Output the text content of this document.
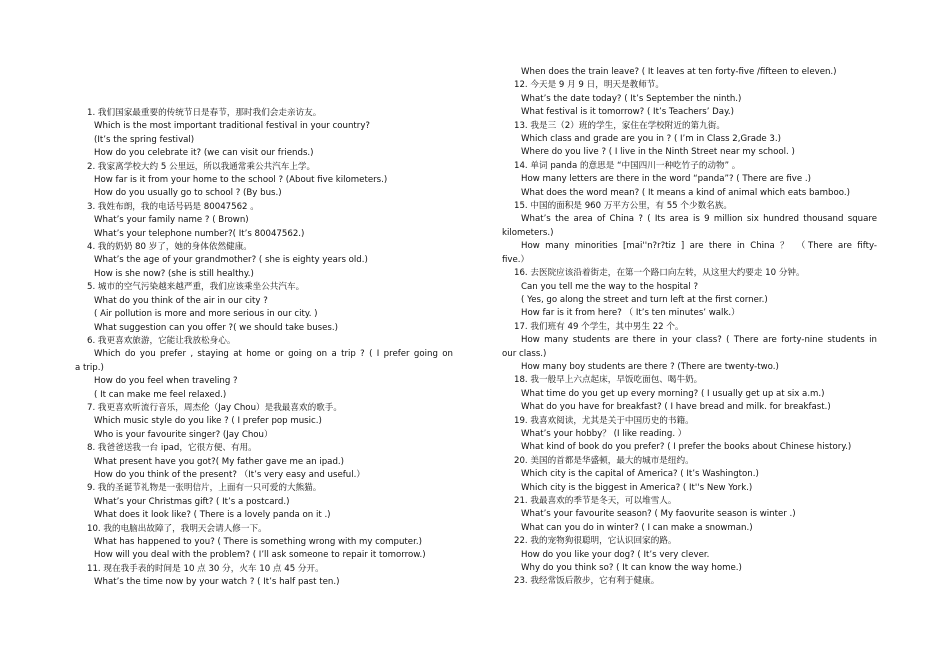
1. 我们国家最重要的传统节日是春节，那时我们会走亲访友。
Which is the most important traditional festival in your country?
(It’s the spring festival)
How do you celebrate it? (we can visit our friends.)
2. 我家离学校大约 5 公里远，所以我通常乘公共汽车上学。
How far is it from your home to the school ? (About five kilometers.)
How do you usually go to school ? (By bus.)
3. 我姓布朗，我的电话号码是 80047562 。
What’s your family name ? ( Brown)
What’s your telephone number?( It’s 80047562.)
4. 我的奶奶 80 岁了，她的身体依然健康。
What’s the age of your grandmother? ( she is eighty years old.)
How is she now? (she is still healthy.)
5. 城市的空气污染越来越严重，我们应该乘坐公共汽车。
What do you think of the air in our city ?
( Air pollution is more and more serious in our city. )
What suggestion can you offer ?( we should take buses.)
6. 我更喜欢旅游，它能让我放松身心。
Which do you prefer , staying at home or going on a trip ? ( I prefer going on
a trip.)
How do you feel when traveling ?
( It can make me feel relaxed.)
7. 我更喜欢听流行音乐，周杰伦（Jay Chou）是我最喜欢的歌手。
Which music style do you like ? ( I prefer pop music.)
Who is your favourite singer? (Jay Chou）
8. 我爸爸送我一台 ipad，它很方便、有用。
What present have you got?( My father gave me an ipad.)
How do you think of the present? （It’s very easy and useful.）
9. 我的圣诞节礼物是一张明信片，上面有一只可爱的大熊猫。
What’s your Christmas gift? ( It’s a postcard.)
What does it look like? ( There is a lovely panda on it .)
10. 我的电脑出故障了，我明天会请人修一下。
What has happened to you? ( There is something wrong with my computer.)
How will you deal with the problem? ( I’ll ask someone to repair it tomorrow.)
11. 现在我手表的时间是 10 点 30 分，火车 10 点 45 分开。
What’s the time now by your watch ? ( It’s half past ten.)
When does the train leave? ( It leaves at ten forty-five /fifteen to eleven.)
12. 今天是 9 月 9 日，明天是教师节。
What’s the date today? ( It’s September the ninth.)
What festival is it tomorrow? ( It’s Teachers’ Day.)
13. 我是三（2）班的学生，家住在学校附近的第九街。
Which class and grade are you in ? ( I’m in Class 2,Grade 3.)
Where do you live ? ( I live in the Ninth Street near my school. )
14. 单词 panda 的意思是 “中国四川一种吃竹子的动物” 。
How many letters are there in the word “panda”? ( There are five .)
What does the word mean? ( It means a kind of animal which eats bamboo.)
15. 中国的面积是 960 万平方公里，有 55 个少数名族。
What’s the area of China ? ( Its area is 9 million six hundred thousand square
kilometers.)
How many minorities [mai''n?r?tiz ] are there in China ？ （There are fifty-
five.）
16. 去医院应该沿着街走，在第一个路口向左转，从这里大约要走 10 分钟。
Can you tell me the way to the hospital ?
( Yes, go along the street and turn left at the first corner.)
How far is it from here? （ It’s ten minutes’ walk.）
17. 我们班有 49 个学生，其中男生 22 个。
How many students are there in your class? ( There are forty-nine students in
our class.)
How many boy students are there ? (There are twenty-two.)
18. 我一般早上六点起床，早饭吃面包、喝牛奶。
What time do you get up every morning? ( I usually get up at six a.m.)
What do you have for breakfast? ( I have bread and milk. for breakfast.)
19. 我喜欢阅读，尤其是关于中国历史的书籍。
What’s your hobby？ (I like reading. ）
What kind of book do you prefer? ( I prefer the books about Chinese history.)
20. 美国的首都是华盛顿，最大的城市是纽约。
Which city is the capital of America? ( It’s Washington.)
Which city is the biggest in America? ( It''s New York.)
21. 我最喜欢的季节是冬天，可以堆雪人。
What’s your favourite season? ( My faovurite season is winter .)
What can you do in winter? ( I can make a snowman.)
22. 我的宠物狗很聪明，它认识回家的路。
How do you like your dog? ( It’s very clever.
Why do you think so? ( It can know the way home.)
23. 我经常饭后散步，它有利于健康。
